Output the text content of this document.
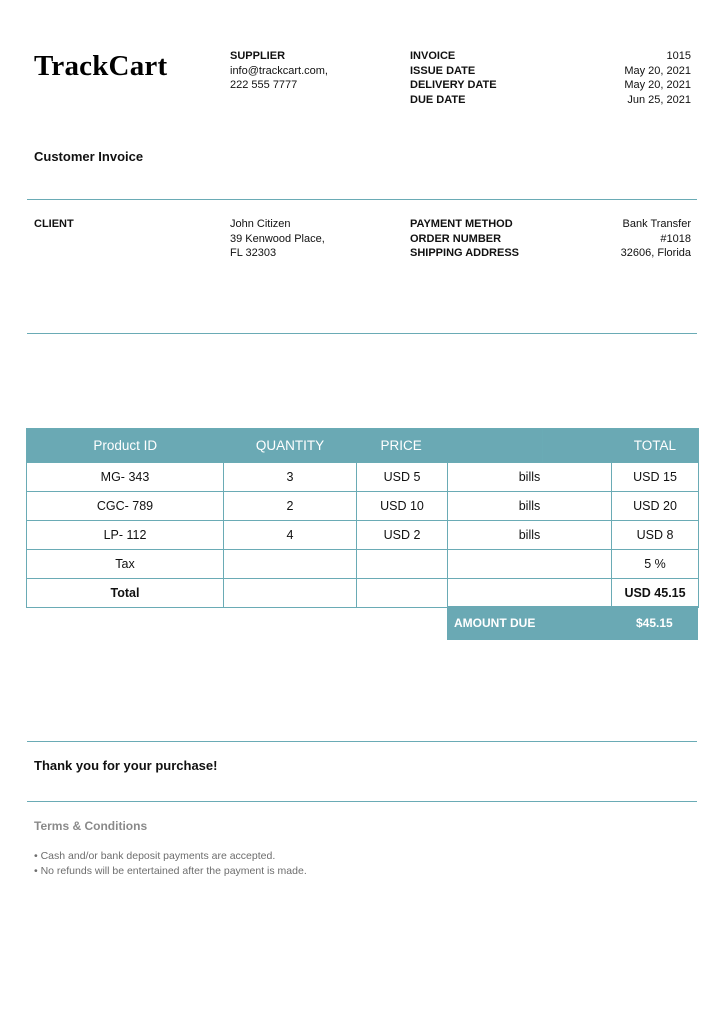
TrackCart	SUPPLIER
info@trackcart.com,
222 555 7777
INVOICE	1015
ISSUE DATE	May 20, 2021
DELIVERY DATE	May 20, 2021
DUE DATE	Jun 25, 2021
Customer Invoice
CLIENT	John Citizen
39 Kenwood Place,
FL 32303
PAYMENT METHOD	Bank Transfer
ORDER NUMBER	#1018
SHIPPING ADDRESS	32606, Florida
Product ID	QUANTITY	PRICE		TOTAL	
MG- 343	3	USD 5	bills		USD 15
CGC- 789	2	USD 10	bills		USD 20
LP- 112	4	USD 2	bills		USD 8
Tax					5 %
Total					USD 45.15
AMOUNT DUE	$45.15
Thank you for your purchase!
Terms & Conditions
• Cash and/or bank deposit payments are accepted.
• No refunds will be entertained after the payment is made.
